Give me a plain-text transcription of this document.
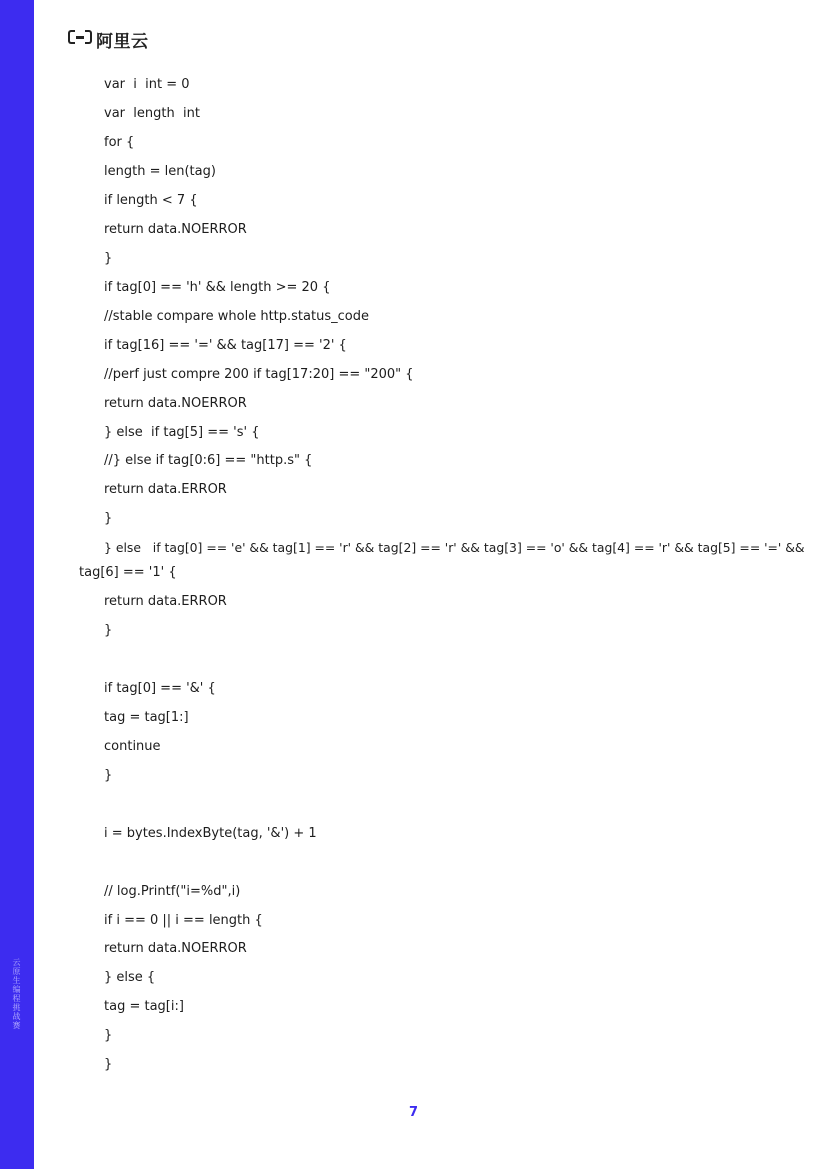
云原生编程挑战赛
阿里云
var  i  int = 0
var  length  int
for {
length = len(tag)
if length < 7 {
return data.NOERROR
}
if tag[0] == 'h' && length >= 20 {
//stable compare whole http.status_code
if tag[16] == '=' && tag[17] == '2' {
//perf just compre 200 if tag[17:20] == "200" {
return data.NOERROR
} else  if tag[5] == 's' {
//} else if tag[0:6] == "http.s" {
return data.ERROR
}
} else   if tag[0] == 'e' && tag[1] == 'r' && tag[2] == 'r' && tag[3] == 'o' && tag[4] == 'r' && tag[5] == '=' &&
tag[6] == '1' {
return data.ERROR
}
if tag[0] == '&' {
tag = tag[1:]
continue
}
i = bytes.IndexByte(tag, '&') + 1
// log.Printf("i=%d",i)
if i == 0 || i == length {
return data.NOERROR
} else {
tag = tag[i:]
}
}
7
